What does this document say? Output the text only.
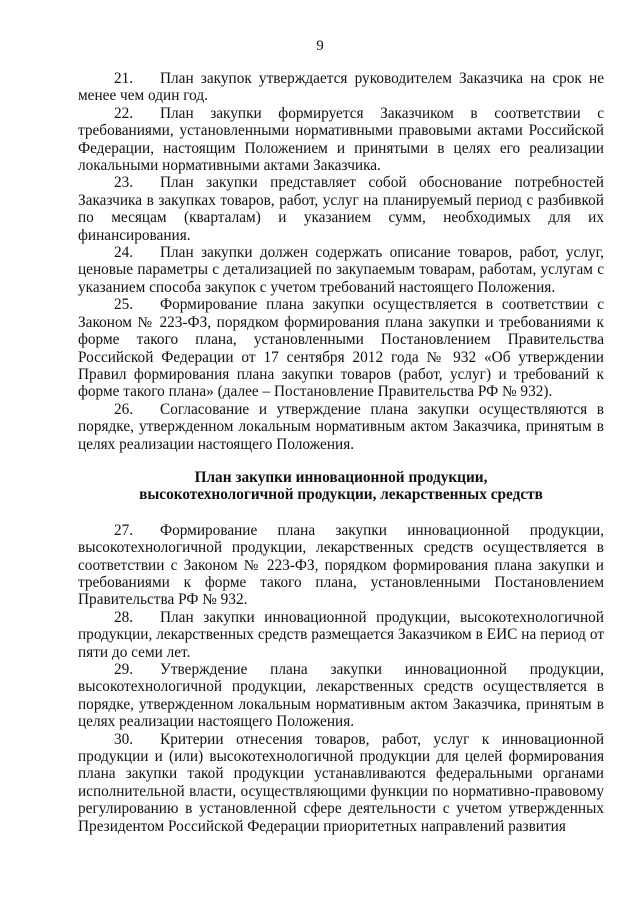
9

21. План закупок утверждается руководителем Заказчика на срок не менее чем один год.

22. План закупки формируется Заказчиком в соответствии с требованиями, установленными нормативными правовыми актами Российской Федерации, настоящим Положением и принятыми в целях его реализации локальными нормативными актами Заказчика.

23. План закупки представляет собой обоснование потребностей Заказчика в закупках товаров, работ, услуг на планируемый период с разбивкой по месяцам (кварталам) и указанием сумм, необходимых для их финансирования.

24. План закупки должен содержать описание товаров, работ, услуг, ценовые параметры с детализацией по закупаемым товарам, работам, услугам с указанием способа закупок с учетом требований настоящего Положения.

25. Формирование плана закупки осуществляется в соответствии с Законом № 223-ФЗ, порядком формирования плана закупки и требованиями к форме такого плана, установленными Постановлением Правительства Российской Федерации от 17 сентября 2012 года № 932 «Об утверждении Правил формирования плана закупки товаров (работ, услуг) и требований к форме такого плана» (далее – Постановление Правительства РФ № 932).

26. Согласование и утверждение плана закупки осуществляются в порядке, утвержденном локальным нормативным актом Заказчика, принятым в целях реализации настоящего Положения.

План закупки инновационной продукции,
высокотехнологичной продукции, лекарственных средств

27. Формирование плана закупки инновационной продукции, высокотехнологичной продукции, лекарственных средств осуществляется в соответствии с Законом № 223-ФЗ, порядком формирования плана закупки и требованиями к форме такого плана, установленными Постановлением Правительства РФ № 932.

28. План закупки инновационной продукции, высокотехнологичной продукции, лекарственных средств размещается Заказчиком в ЕИС на период от пяти до семи лет.

29. Утверждение плана закупки инновационной продукции, высокотехнологичной продукции, лекарственных средств осуществляется в порядке, утвержденном локальным нормативным актом Заказчика, принятым в целях реализации настоящего Положения.

30. Критерии отнесения товаров, работ, услуг к инновационной продукции и (или) высокотехнологичной продукции для целей формирования плана закупки такой продукции устанавливаются федеральными органами исполнительной власти, осуществляющими функции по нормативно-правовому регулированию в установленной сфере деятельности с учетом утвержденных Президентом Российской Федерации приоритетных направлений развития
